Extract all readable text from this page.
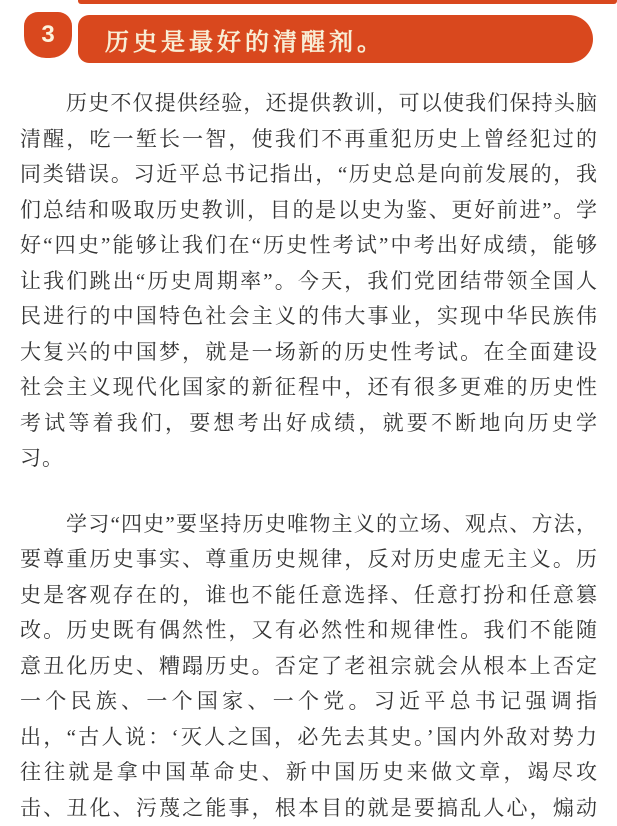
3	历史是最好的清醒剂。
历史不仅提供经验，还提供教训，可以使我们保持头脑
清醒，吃一堑长一智，使我们不再重犯历史上曾经犯过的
同类错误。习近平总书记指出，“历史总是向前发展的，我
们总结和吸取历史教训，目的是以史为鉴、更好前进”。学
好“四史”能够让我们在“历史性考试”中考出好成绩，能够
让我们跳出“历史周期率”。今天，我们党团结带领全国人
民进行的中国特色社会主义的伟大事业，实现中华民族伟
大复兴的中国梦，就是一场新的历史性考试。在全面建设
社会主义现代化国家的新征程中，还有很多更难的历史性
考试等着我们，要想考出好成绩，就要不断地向历史学
习。
学习“四史”要坚持历史唯物主义的立场、观点、方法，
要尊重历史事实、尊重历史规律，反对历史虚无主义。历
史是客观存在的，谁也不能任意选择、任意打扮和任意篡
改。历史既有偶然性，又有必然性和规律性。我们不能随
意丑化历史、糟蹋历史。否定了老祖宗就会从根本上否定
一个民族、一个国家、一个党。习近平总书记强调指
出，“古人说：‘灭人之国，必先去其史。’国内外敌对势力
往往就是拿中国革命史、新中国历史来做文章，竭尽攻
击、丑化、污蔑之能事，根本目的就是要搞乱人心，煽动
